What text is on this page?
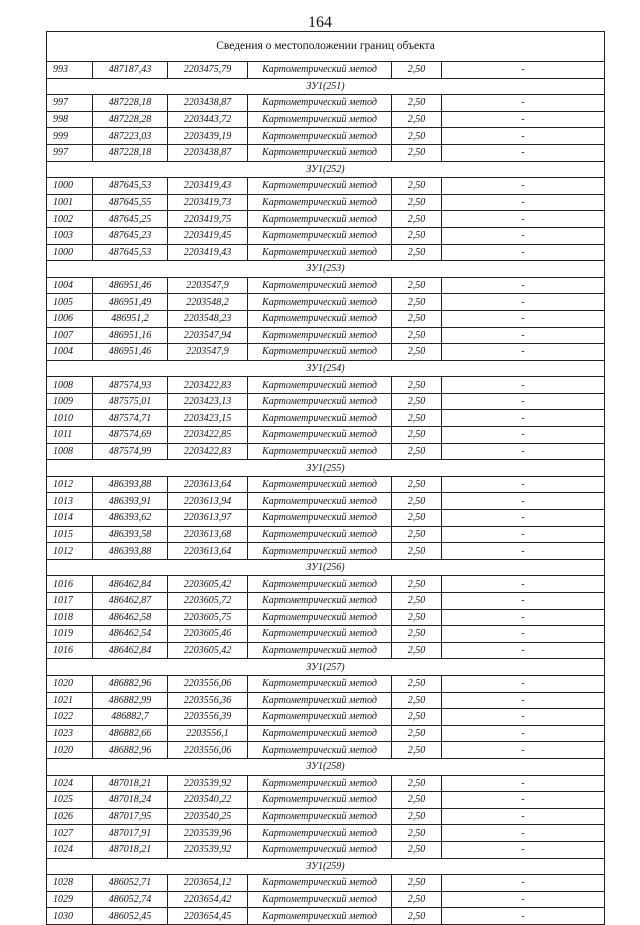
164
Сведения о местоположении границ объекта					
993	487187,43	2203475,79	Картометрический метод	2,50	-
ЗУ1(251)					
997	487228,18	2203438,87	Картометрический метод	2,50	-
998	487228,28	2203443,72	Картометрический метод	2,50	-
999	487223,03	2203439,19	Картометрический метод	2,50	-
997	487228,18	2203438,87	Картометрический метод	2,50	-
ЗУ1(252)					
1000	487645,53	2203419,43	Картометрический метод	2,50	-
1001	487645,55	2203419,73	Картометрический метод	2,50	-
1002	487645,25	2203419,75	Картометрический метод	2,50	-
1003	487645,23	2203419,45	Картометрический метод	2,50	-
1000	487645,53	2203419,43	Картометрический метод	2,50	-
ЗУ1(253)					
1004	486951,46	2203547,9	Картометрический метод	2,50	-
1005	486951,49	2203548,2	Картометрический метод	2,50	-
1006	486951,2	2203548,23	Картометрический метод	2,50	-
1007	486951,16	2203547,94	Картометрический метод	2,50	-
1004	486951,46	2203547,9	Картометрический метод	2,50	-
ЗУ1(254)					
1008	487574,93	2203422,83	Картометрический метод	2,50	-
1009	487575,01	2203423,13	Картометрический метод	2,50	-
1010	487574,71	2203423,15	Картометрический метод	2,50	-
1011	487574,69	2203422,85	Картометрический метод	2,50	-
1008	487574,99	2203422,83	Картометрический метод	2,50	-
ЗУ1(255)					
1012	486393,88	2203613,64	Картометрический метод	2,50	-
1013	486393,91	2203613,94	Картометрический метод	2,50	-
1014	486393,62	2203613,97	Картометрический метод	2,50	-
1015	486393,58	2203613,68	Картометрический метод	2,50	-
1012	486393,88	2203613,64	Картометрический метод	2,50	-
ЗУ1(256)					
1016	486462,84	2203605,42	Картометрический метод	2,50	-
1017	486462,87	2203605,72	Картометрический метод	2,50	-
1018	486462,58	2203605,75	Картометрический метод	2,50	-
1019	486462,54	2203605,46	Картометрический метод	2,50	-
1016	486462,84	2203605,42	Картометрический метод	2,50	-
ЗУ1(257)					
1020	486882,96	2203556,06	Картометрический метод	2,50	-
1021	486882,99	2203556,36	Картометрический метод	2,50	-
1022	486882,7	2203556,39	Картометрический метод	2,50	-
1023	486882,66	2203556,1	Картометрический метод	2,50	-
1020	486882,96	2203556,06	Картометрический метод	2,50	-
ЗУ1(258)					
1024	487018,21	2203539,92	Картометрический метод	2,50	-
1025	487018,24	2203540,22	Картометрический метод	2,50	-
1026	487017,95	2203540,25	Картометрический метод	2,50	-
1027	487017,91	2203539,96	Картометрический метод	2,50	-
1024	487018,21	2203539,92	Картометрический метод	2,50	-
ЗУ1(259)					
1028	486052,71	2203654,12	Картометрический метод	2,50	-
1029	486052,74	2203654,42	Картометрический метод	2,50	-
1030	486052,45	2203654,45	Картометрический метод	2,50	-
